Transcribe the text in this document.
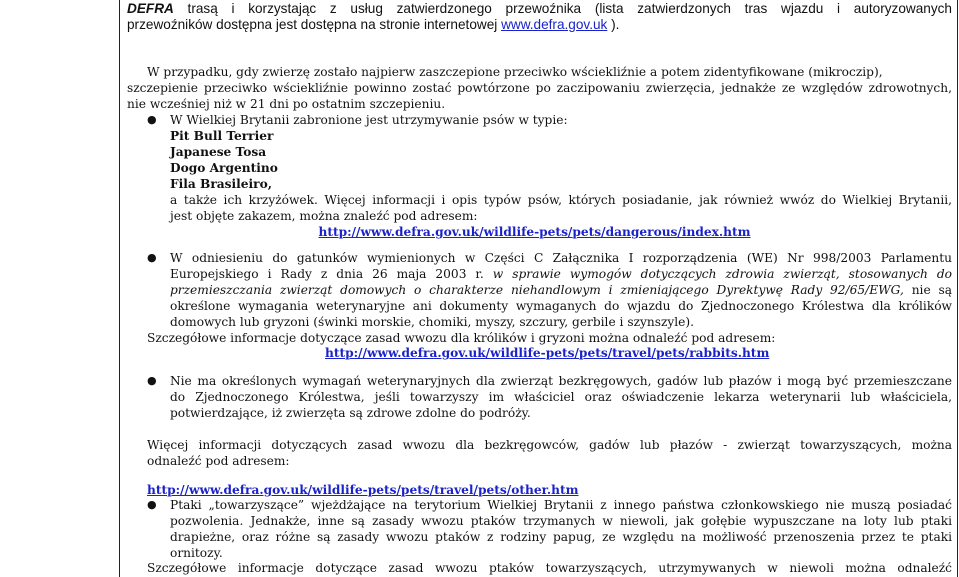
DEFRA trasą i korzystając z usług zatwierdzonego przewoźnika (lista zatwierdzonych tras wjazdu i autoryzowanych
przewoźników dostępna jest dostępna na stronie internetowej www.defra.gov.uk ).
W przypadku, gdy zwierzę zostało najpierw zaszczepione przeciwko wściekliźnie a potem zidentyfikowane (mikroczip),
szczepienie przeciwko wściekliźnie powinno zostać powtórzone po zaczipowaniu zwierzęcia, jednakże ze względów zdrowotnych,
nie wcześniej niż w 21 dni po ostatnim szczepieniu.
● W Wielkiej Brytanii zabronione jest utrzymywanie psów w typie:
Pit Bull Terrier
Japanese Tosa
Dogo Argentino
Fila Brasileiro,
a także ich krzyżówek. Więcej informacji i opis typów psów, których posiadanie, jak również wwóz do Wielkiej Brytanii,
jest objęte zakazem, można znaleźć pod adresem:
http://www.defra.gov.uk/wildlife-pets/pets/dangerous/index.htm
● W odniesieniu do gatunków wymienionych w Części C Załącznika I rozporządzenia (WE) Nr 998/2003 Parlamentu
Europejskiego i Rady z dnia 26 maja 2003 r. w sprawie wymogów dotyczących zdrowia zwierząt, stosowanych do
przemieszczania zwierząt domowych o charakterze niehandlowym i zmieniającego Dyrektywę Rady 92/65/EWG, nie są
określone wymagania weterynaryjne ani dokumenty wymaganych do wjazdu do Zjednoczonego Królestwa dla królików
domowych lub gryzoni (świnki morskie, chomiki, myszy, szczury, gerbile i szynszyle).
Szczegółowe informacje dotyczące zasad wwozu dla królików i gryzoni można odnaleźć pod adresem:
http://www.defra.gov.uk/wildlife-pets/pets/travel/pets/rabbits.htm
● Nie ma określonych wymagań weterynaryjnych dla zwierząt bezkręgowych, gadów lub płazów i mogą być przemieszczane
do Zjednoczonego Królestwa, jeśli towarzyszy im właściciel oraz oświadczenie lekarza weterynarii lub właściciela,
potwierdzające, iż zwierzęta są zdrowe zdolne do podróży.
Więcej informacji dotyczących zasad wwozu dla bezkręgowców, gadów lub płazów - zwierząt towarzyszących, można
odnaleźć pod adresem:
http://www.defra.gov.uk/wildlife-pets/pets/travel/pets/other.htm
● Ptaki „towarzyszące” wjeżdżające na terytorium Wielkiej Brytanii z innego państwa członkowskiego nie muszą posiadać
pozwolenia. Jednakże, inne są zasady wwozu ptaków trzymanych w niewoli, jak gołębie wypuszczane na loty lub ptaki
drapieżne, oraz różne są zasady wwozu ptaków z rodziny papug, ze względu na możliwość przenoszenia przez te ptaki
ornitozy.
Szczegółowe informacje dotyczące zasad wwozu ptaków towarzyszących, utrzymywanych w niewoli można odnaleźć
